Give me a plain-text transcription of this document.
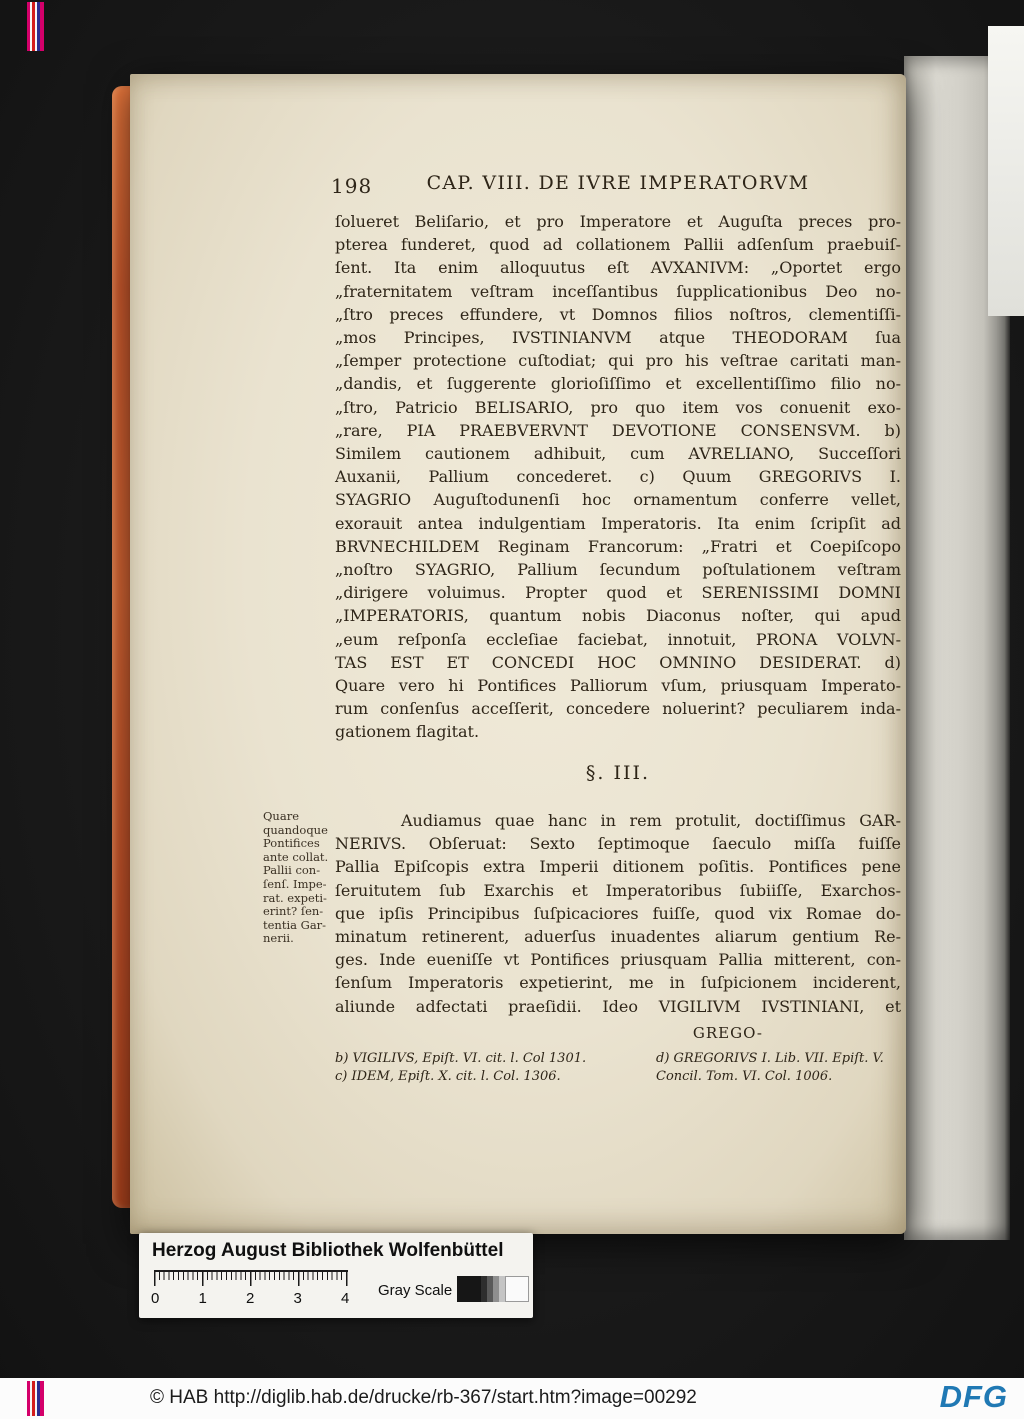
198	CAP. VIII. DE IVRE IMPERATORVM
ſolueret Beliſario, et pro Imperatore et Auguſta preces pro-
pterea funderet, quod ad collationem Pallii adſenſum praebuiſ-
ſent. Ita enim alloquutus eſt AVXANIVM: „Oportet ergo
„fraternitatem veſtram inceſſantibus ſupplicationibus Deo no-
„ſtro preces effundere, vt Domnos filios noſtros, clementiſſi-
„mos Principes, IVSTINIANVM atque THEODORAM ſua
„ſemper protectione cuſtodiat; qui pro his veſtrae caritati man-
„dandis, et ſuggerente glorioſiſſimo et excellentiſſimo filio no-
„ſtro, Patricio BELISARIO, pro quo item vos conuenit exo-
„rare, PIA PRAEBVERVNT DEVOTIONE CONSENSVM. b)
Similem cautionem adhibuit, cum AVRELIANO, Succeſſori
Auxanii, Pallium concederet. c) Quum GREGORIVS I.
SYAGRIO Auguſtodunenſi hoc ornamentum conferre vellet,
exorauit antea indulgentiam Imperatoris. Ita enim ſcripſit ad
BRVNECHILDEM Reginam Francorum: „Fratri et Coepiſcopo
„noſtro SYAGRIO, Pallium ſecundum poſtulationem veſtram
„dirigere voluimus. Propter quod et SERENISSIMI DOMNI
„IMPERATORIS, quantum nobis Diaconus noſter, qui apud
„eum reſponſa eccleſiae faciebat, innotuit, PRONA VOLVN-
TAS EST ET CONCEDI HOC OMNINO DESIDERAT. d)
Quare vero hi Pontifices Palliorum vſum, priusquam Imperato-
rum conſenſus acceſſerit, concedere noluerint? peculiarem inda-
gationem flagitat.
§. III.
Quare
quandoque
Pontifices
ante collat.
Pallii con-
ſenſ. Impe-
rat. expeti-
erint? ſen-
tentia Gar-
nerii.
Audiamus quae hanc in rem protulit, doctiſſimus GAR-
NERIVS. Obſeruat: Sexto ſeptimoque ſaeculo miſſa fuiſſe
Pallia Epiſcopis extra Imperii ditionem poſitis. Pontifices pene
ſeruitutem ſub Exarchis et Imperatoribus ſubiiſſe, Exarchos-
que ipſis Principibus ſuſpicaciores fuiſſe, quod vix Romae do-
minatum retinerent, aduerſus inuadentes aliarum gentium Re-
ges. Inde eueniſſe vt Pontifices priusquam Pallia mitterent, con-
ſenſum Imperatoris expetierint, me in ſuſpicionem inciderent,
aliunde adfectati praeſidii. Ideo VIGILIVM IVSTINIANI, et
GREGO-
b) VIGILIVS, Epiſt. VI. cit. l. Col 1301.
c) IDEM, Epiſt. X. cit. l. Col. 1306.
d) GREGORIVS I. Lib. VII. Epiſt. V.
Concil. Tom. VI. Col. 1006.
Herzog August Bibliothek Wolfenbüttel
0	1	2	3	4	Gray Scale
© HAB http://diglib.hab.de/drucke/rb-367/start.htm?image=00292	DFG
